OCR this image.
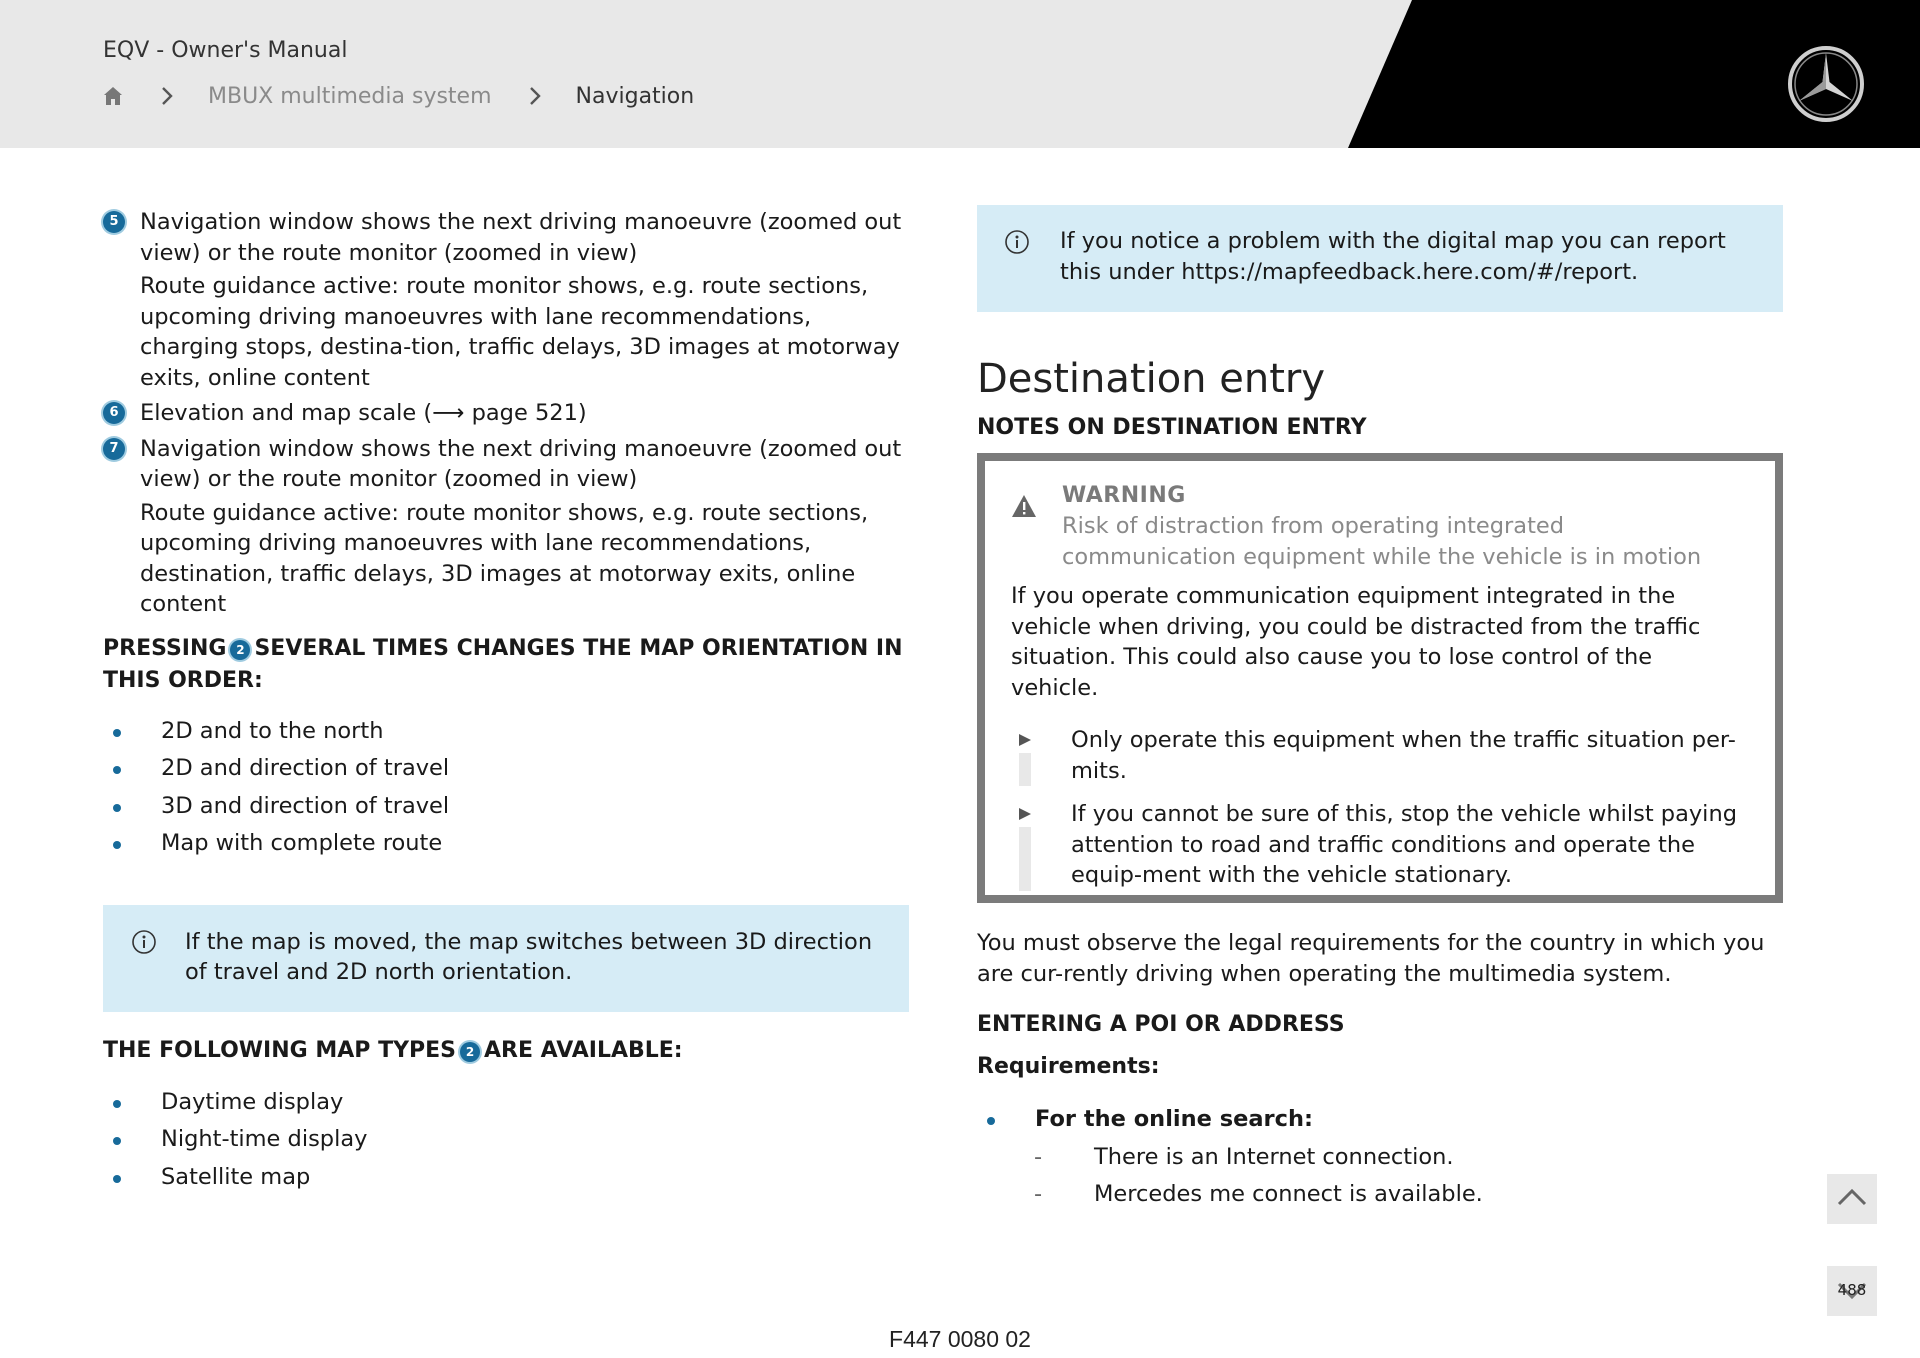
EQV - Owner's Manual
MBUX multimedia system	Navigation
5 Navigation window shows the next driving manoeuvre (zoomed out view) or the route monitor (zoomed in view)

Route guidance active: route monitor shows, e.g. route sections, upcoming driving manoeuvres with lane recommendations, charging stops, destina-tion, traffic delays, 3D images at motorway exits, online content

6 Elevation and map scale (⟶ page 521)

7 Navigation window shows the next driving manoeuvre (zoomed out view) or the route monitor (zoomed in view)

Route guidance active: route monitor shows, e.g. route sections, upcoming driving manoeuvres with lane recommendations, destination, traffic delays, 3D images at motorway exits, online content

PRESSING 2 SEVERAL TIMES CHANGES THE MAP ORIENTATION IN THIS ORDER:
2D and to the north
2D and direction of travel
3D and direction of travel
Map with complete route
If the map is moved, the map switches between 3D direction of travel and 2D north orientation.
THE FOLLOWING MAP TYPES 2 ARE AVAILABLE:
Daytime display
Night-time display
Satellite map
If you notice a problem with the digital map you can report this under https://mapfeedback.here.com/#/report.
Destination entry
NOTES ON DESTINATION ENTRY
WARNING
Risk of distraction from operating integrated communication equipment while the vehicle is in motion
If you operate communication equipment integrated in the vehicle when driving, you could be distracted from the traffic situation. This could also cause you to lose control of the vehicle.
Only operate this equipment when the traffic situation per-mits.
If you cannot be sure of this, stop the vehicle whilst paying attention to road and traffic conditions and operate the equip-ment with the vehicle stationary.
You must observe the legal requirements for the country in which you are cur-rently driving when operating the multimedia system.
ENTERING A POI OR ADDRESS
Requirements:
For the online search:
-	There is an Internet connection.
-	Mercedes me connect is available.
488
F447 0080 02
